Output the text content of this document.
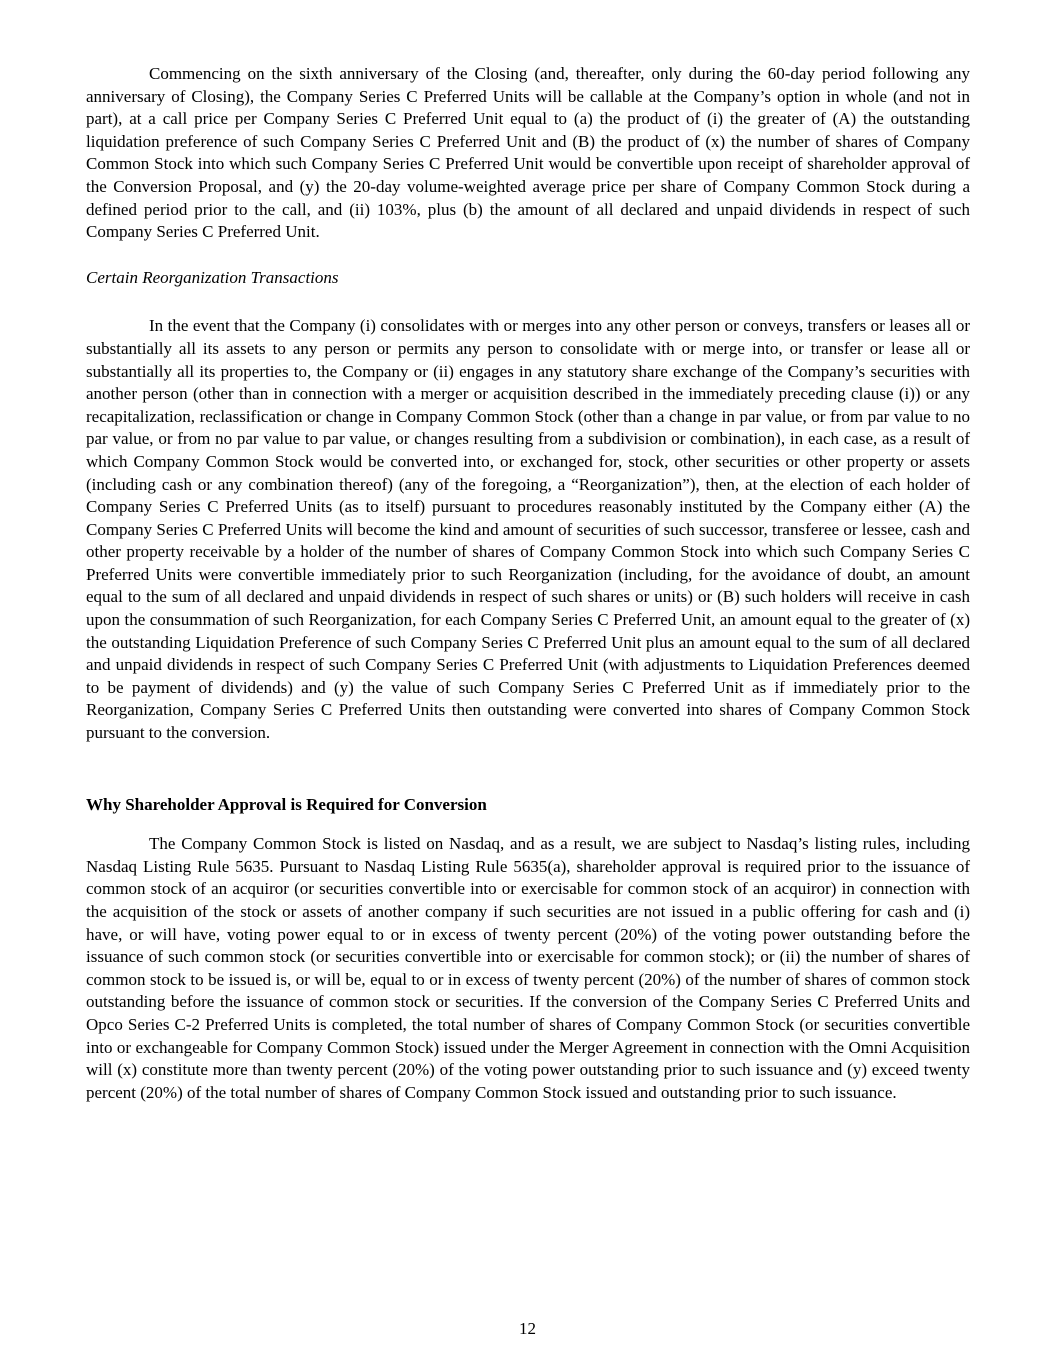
Commencing on the sixth anniversary of the Closing (and, thereafter, only during the 60-day period following any anniversary of Closing), the Company Series C Preferred Units will be callable at the Company’s option in whole (and not in part), at a call price per Company Series C Preferred Unit equal to (a) the product of (i) the greater of (A) the outstanding liquidation preference of such Company Series C Preferred Unit and (B) the product of (x) the number of shares of Company Common Stock into which such Company Series C Preferred Unit would be convertible upon receipt of shareholder approval of the Conversion Proposal, and (y) the 20-day volume-weighted average price per share of Company Common Stock during a defined period prior to the call, and (ii) 103%, plus (b) the amount of all declared and unpaid dividends in respect of such Company Series C Preferred Unit.

Certain Reorganization Transactions

In the event that the Company (i) consolidates with or merges into any other person or conveys, transfers or leases all or substantially all its assets to any person or permits any person to consolidate with or merge into, or transfer or lease all or substantially all its properties to, the Company or (ii) engages in any statutory share exchange of the Company’s securities with another person (other than in connection with a merger or acquisition described in the immediately preceding clause (i)) or any recapitalization, reclassification or change in Company Common Stock (other than a change in par value, or from par value to no par value, or from no par value to par value, or changes resulting from a subdivision or combination), in each case, as a result of which Company Common Stock would be converted into, or exchanged for, stock, other securities or other property or assets (including cash or any combination thereof) (any of the foregoing, a “Reorganization”), then, at the election of each holder of Company Series C Preferred Units (as to itself) pursuant to procedures reasonably instituted by the Company either (A) the Company Series C Preferred Units will become the kind and amount of securities of such successor, transferee or lessee, cash and other property receivable by a holder of the number of shares of Company Common Stock into which such Company Series C Preferred Units were convertible immediately prior to such Reorganization (including, for the avoidance of doubt, an amount equal to the sum of all declared and unpaid dividends in respect of such shares or units) or (B) such holders will receive in cash upon the consummation of such Reorganization, for each Company Series C Preferred Unit, an amount equal to the greater of (x) the outstanding Liquidation Preference of such Company Series C Preferred Unit plus an amount equal to the sum of all declared and unpaid dividends in respect of such Company Series C Preferred Unit (with adjustments to Liquidation Preferences deemed to be payment of dividends) and (y) the value of such Company Series C Preferred Unit as if immediately prior to the Reorganization, Company Series C Preferred Units then outstanding were converted into shares of Company Common Stock pursuant to the conversion.

Why Shareholder Approval is Required for Conversion

The Company Common Stock is listed on Nasdaq, and as a result, we are subject to Nasdaq’s listing rules, including Nasdaq Listing Rule 5635. Pursuant to Nasdaq Listing Rule 5635(a), shareholder approval is required prior to the issuance of common stock of an acquiror (or securities convertible into or exercisable for common stock of an acquiror) in connection with the acquisition of the stock or assets of another company if such securities are not issued in a public offering for cash and (i) have, or will have, voting power equal to or in excess of twenty percent (20%) of the voting power outstanding before the issuance of such common stock (or securities convertible into or exercisable for common stock); or (ii) the number of shares of common stock to be issued is, or will be, equal to or in excess of twenty percent (20%) of the number of shares of common stock outstanding before the issuance of common stock or securities. If the conversion of the Company Series C Preferred Units and Opco Series C-2 Preferred Units is completed, the total number of shares of Company Common Stock (or securities convertible into or exchangeable for Company Common Stock) issued under the Merger Agreement in connection with the Omni Acquisition will (x) constitute more than twenty percent (20%) of the voting power outstanding prior to such issuance and (y) exceed twenty percent (20%) of the total number of shares of Company Common Stock issued and outstanding prior to such issuance.

12
